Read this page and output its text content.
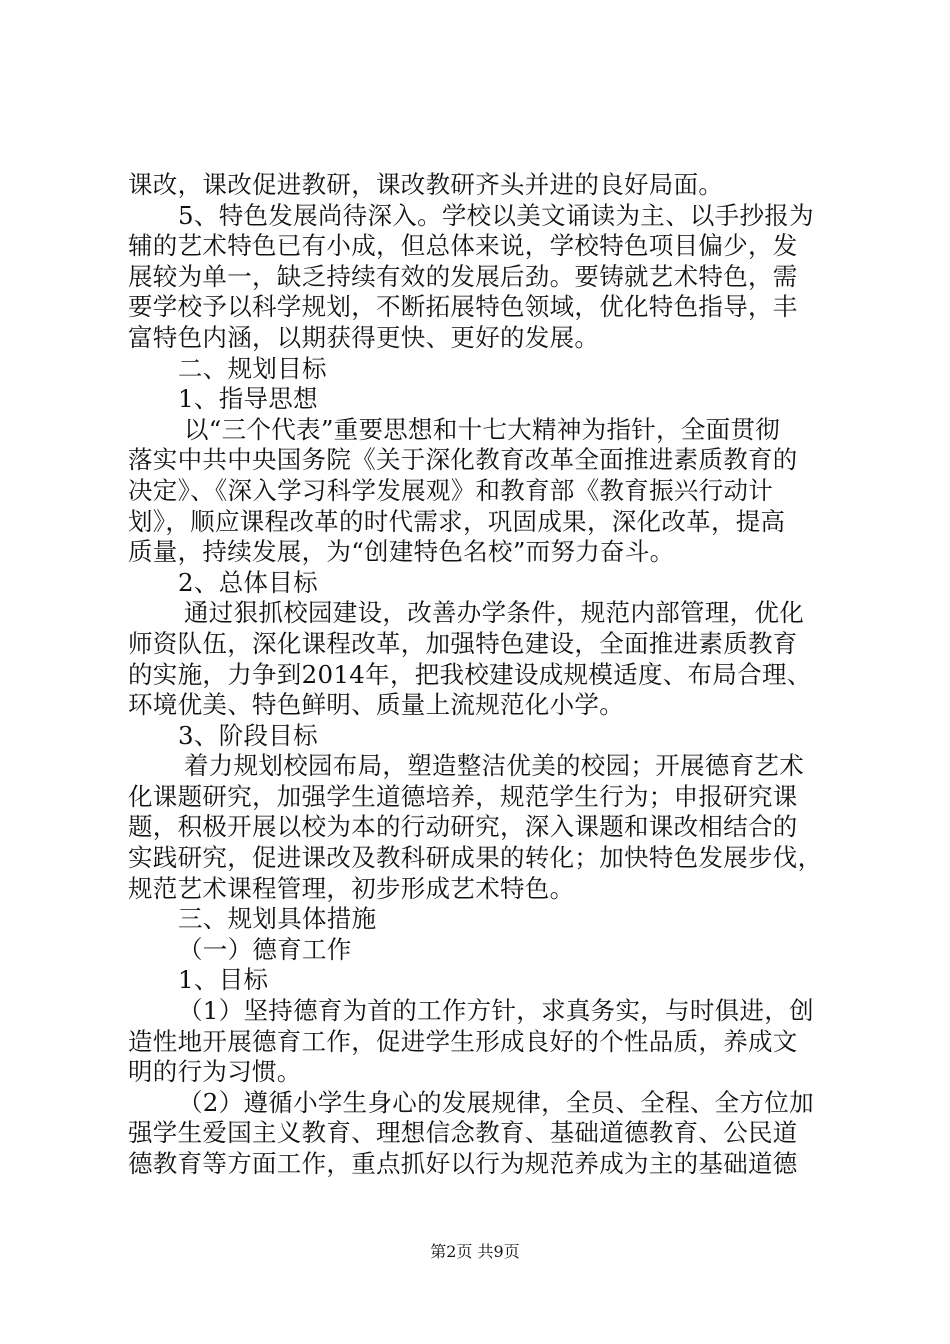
课改，课改促进教研，课改教研齐头并进的良好局面。
5、特色发展尚待深入。学校以美文诵读为主、以手抄报为
辅的艺术特色已有小成，但总体来说，学校特色项目偏少，发
展较为单一，缺乏持续有效的发展后劲。要铸就艺术特色，需
要学校予以科学规划，不断拓展特色领域，优化特色指导，丰
富特色内涵，以期获得更快、更好的发展。
二、规划目标
1、指导思想
以“三个代表”重要思想和十七大精神为指针，全面贯彻
落实中共中央国务院《关于深化教育改革全面推进素质教育的
决定》、《深入学习科学发展观》和教育部《教育振兴行动计
划》，顺应课程改革的时代需求，巩固成果，深化改革，提高
质量，持续发展，为“创建特色名校”而努力奋斗。
2、总体目标
通过狠抓校园建设，改善办学条件，规范内部管理，优化
师资队伍，深化课程改革，加强特色建设，全面推进素质教育
的实施，力争到2014年，把我校建设成规模适度、布局合理、
环境优美、特色鲜明、质量上流规范化小学。
3、阶段目标
着力规划校园布局，塑造整洁优美的校园；开展德育艺术
化课题研究，加强学生道德培养，规范学生行为；申报研究课
题，积极开展以校为本的行动研究，深入课题和课改相结合的
实践研究，促进课改及教科研成果的转化；加快特色发展步伐，
规范艺术课程管理，初步形成艺术特色。
三、规划具体措施
（一）德育工作
1、目标
（1）坚持德育为首的工作方针，求真务实，与时俱进，创
造性地开展德育工作，促进学生形成良好的个性品质，养成文
明的行为习惯。
（2）遵循小学生身心的发展规律，全员、全程、全方位加
强学生爱国主义教育、理想信念教育、基础道德教育、公民道
德教育等方面工作，重点抓好以行为规范养成为主的基础道德
第2页 共9页
